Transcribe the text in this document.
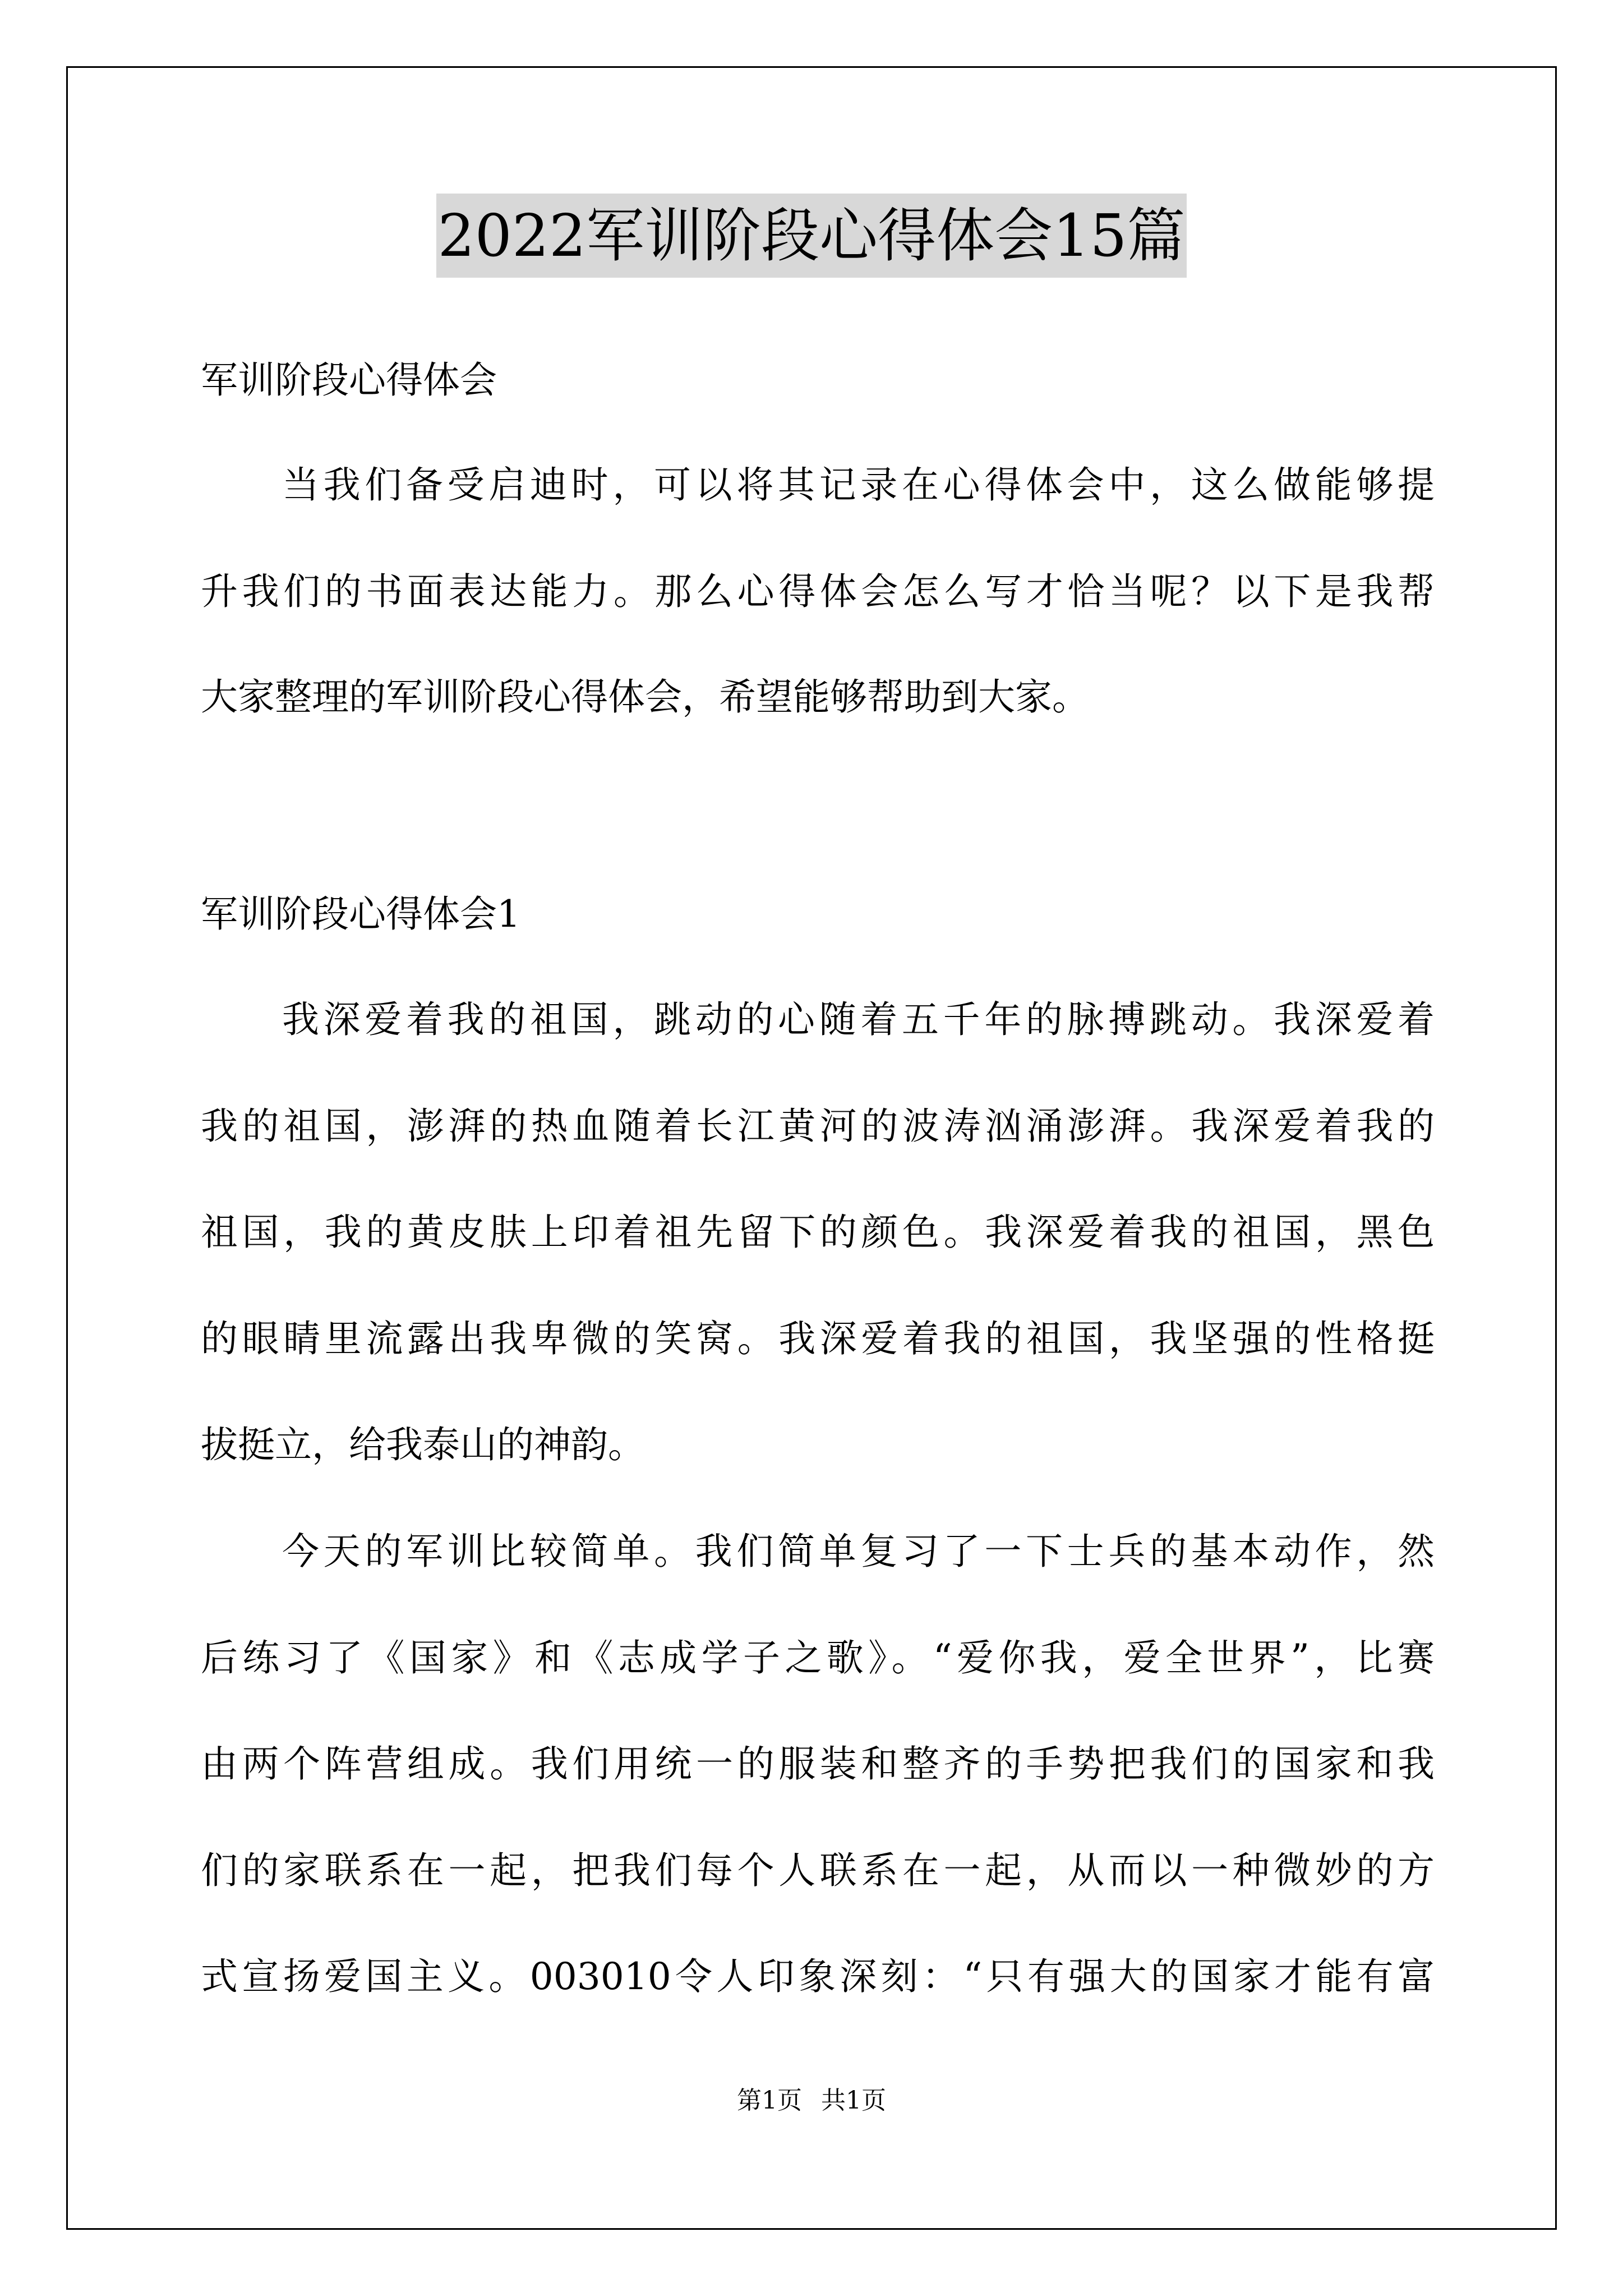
2022军训阶段心得体会15篇
军训阶段心得体会
当我们备受启迪时，可以将其记录在心得体会中，这么做能够提
升我们的书面表达能力。那么心得体会怎么写才恰当呢？以下是我帮
大家整理的军训阶段心得体会，希望能够帮助到大家。
军训阶段心得体会1
我深爱着我的祖国，跳动的心随着五千年的脉搏跳动。我深爱着
我的祖国，澎湃的热血随着长江黄河的波涛汹涌澎湃。我深爱着我的
祖国，我的黄皮肤上印着祖先留下的颜色。我深爱着我的祖国，黑色
的眼睛里流露出我卑微的笑窝。我深爱着我的祖国，我坚强的性格挺
拔挺立，给我泰山的神韵。
今天的军训比较简单。我们简单复习了一下士兵的基本动作，然
后练习了《国家》和《志成学子之歌》。“爱你我，爱全世界”，比赛
由两个阵营组成。我们用统一的服装和整齐的手势把我们的国家和我
们的家联系在一起，把我们每个人联系在一起，从而以一种微妙的方
式宣扬爱国主义。003010令人印象深刻：“只有强大的国家才能有富
第1页 共1页
